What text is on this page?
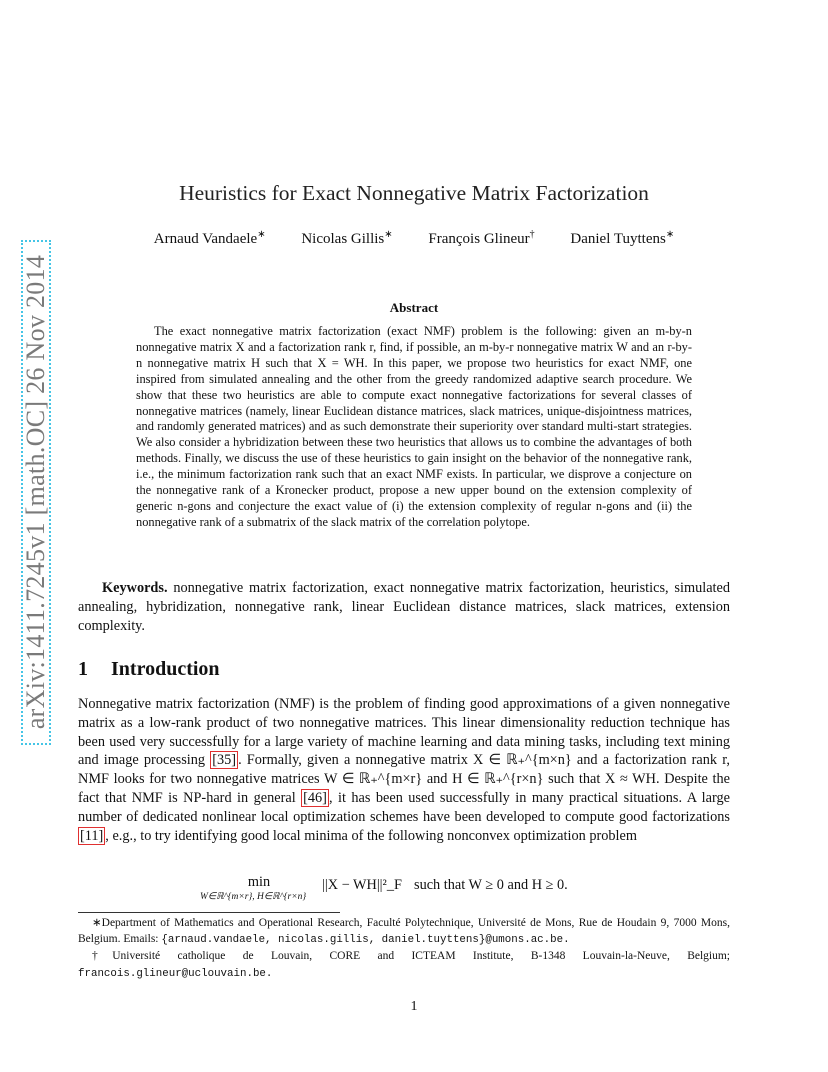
arXiv:1411.7245v1 [math.OC] 26 Nov 2014
Heuristics for Exact Nonnegative Matrix Factorization
Arnaud Vandaele∗ Nicolas Gillis∗ François Glineur† Daniel Tuyttens∗
Abstract
The exact nonnegative matrix factorization (exact NMF) problem is the following: given an m-by-n nonnegative matrix X and a factorization rank r, find, if possible, an m-by-r nonnegative matrix W and an r-by-n nonnegative matrix H such that X = WH. In this paper, we propose two heuristics for exact NMF, one inspired from simulated annealing and the other from the greedy randomized adaptive search procedure. We show that these two heuristics are able to compute exact nonnegative factorizations for several classes of nonnegative matrices (namely, linear Euclidean distance matrices, slack matrices, unique-disjointness matrices, and randomly generated matrices) and as such demonstrate their superiority over standard multi-start strategies. We also consider a hybridization between these two heuristics that allows us to combine the advantages of both methods. Finally, we discuss the use of these heuristics to gain insight on the behavior of the nonnegative rank, i.e., the minimum factorization rank such that an exact NMF exists. In particular, we disprove a conjecture on the nonnegative rank of a Kronecker product, propose a new upper bound on the extension complexity of generic n-gons and conjecture the exact value of (i) the extension complexity of regular n-gons and (ii) the nonnegative rank of a submatrix of the slack matrix of the correlation polytope.
Keywords. nonnegative matrix factorization, exact nonnegative matrix factorization, heuristics, simulated annealing, hybridization, nonnegative rank, linear Euclidean distance matrices, slack matrices, extension complexity.
1 Introduction
Nonnegative matrix factorization (NMF) is the problem of finding good approximations of a given nonnegative matrix as a low-rank product of two nonnegative matrices. This linear dimensionality reduction technique has been used very successfully for a large variety of machine learning and data mining tasks, including text mining and image processing [35] . Formally, given a nonnegative matrix X ∈ ℝ₊^{m×n} and a factorization rank r, NMF looks for two nonnegative matrices W ∈ ℝ₊^{m×r} and H ∈ ℝ₊^{r×n} such that X ≈ WH. Despite the fact that NMF is NP-hard in general [46] , it has been used successfully in many practical situations. A large number of dedicated nonlinear local optimization schemes have been developed to compute good factorizations [11] , e.g., to try identifying good local minima of the following nonconvex optimization problem
min
W∈ℝ^{m×r}, H∈ℝ^{r×n}
||X − WH||²_F such that W ≥ 0 and H ≥ 0.

∗Department of Mathematics and Operational Research, Faculté Polytechnique, Université de Mons, Rue de Houdain 9, 7000 Mons, Belgium. Emails: {arnaud.vandaele, nicolas.gillis, daniel.tuyttens}@umons.ac.be.

†Université catholique de Louvain, CORE and ICTEAM Institute, B-1348 Louvain-la-Neuve, Belgium; francois.glineur@uclouvain.be.

1
